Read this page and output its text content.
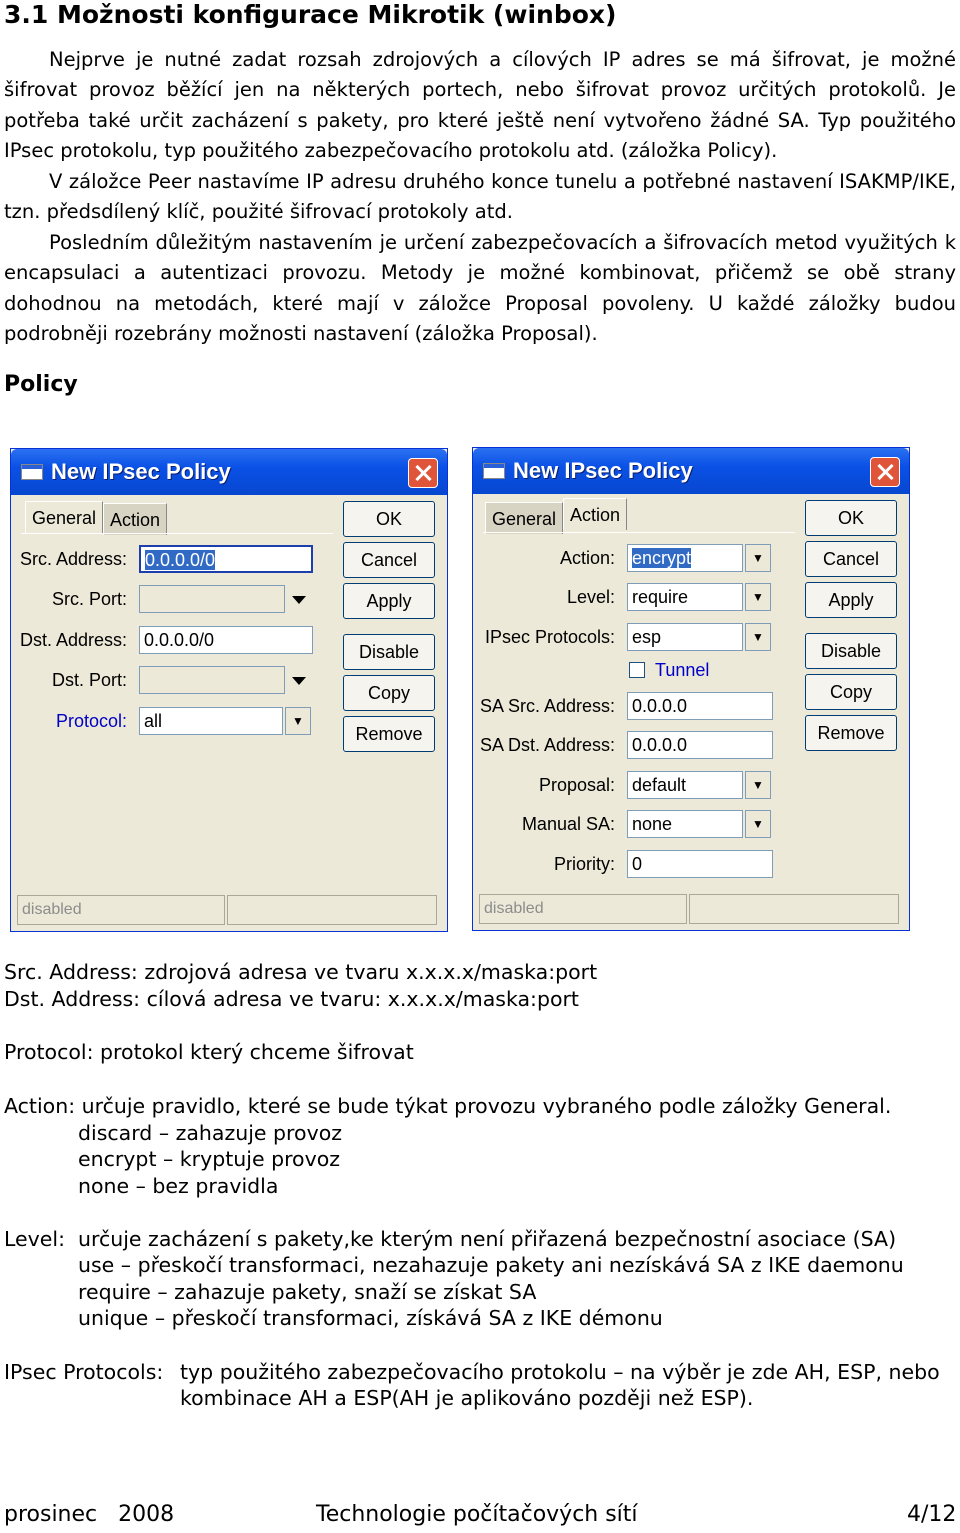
3.1 Možnosti konfigurace Mikrotik (winbox)
Nejprve je nutné zadat rozsah zdrojových a cílových IP adres se má šifrovat, je možné šifrovat provoz běžící jen na některých portech, nebo šifrovat provoz určitých protokolů. Je potřeba také určit zacházení s pakety, pro které ještě není vytvořeno žádné SA. Typ použitého IPsec protokolu, typ použitého zabezpečovacího protokolu atd. (záložka Policy).
V záložce Peer nastavíme IP adresu druhého konce tunelu a potřebné nastavení ISAKMP/IKE, tzn. předsdílený klíč, použité šifrovací protokoly atd.
Posledním důležitým nastavením je určení zabezpečovacích a šifrovacích metod využitých k encapsulaci a autentizaci provozu. Metody je možné kombinovat, přičemž se obě strany dohodnou na metodách, které mají v záložce Proposal povoleny. U každé záložky budou podrobněji rozebrány možnosti nastavení (záložka Proposal).
Policy
New IPsec Policy
General Action
Src. Address:	0.0.0.0/0
Src. Port:
Dst. Address: 0.0.0.0/0
Dst. Port:
Protocol: all	▼
OK
Cancel
Apply
Disable
Copy
Remove
disabled
New IPsec Policy
General Action
Action: encrypt	▼
Level: require	▼
IPsec Protocols: esp	▼
Tunnel
SA Src. Address: 0.0.0.0
SA Dst. Address: 0.0.0.0
Proposal: default	▼
Manual SA: none	▼
Priority: 0
OK
Cancel
Apply
Disable
Copy
Remove
disabled
Src. Address: zdrojová adresa ve tvaru x.x.x.x/maska:port
Dst. Address: cílová adresa ve tvaru: x.x.x.x/maska:port
Protocol: protokol který chceme šifrovat
Action: určuje pravidlo, které se bude týkat provozu vybraného podle záložky General.
discard – zahazuje provoz
encrypt – kryptuje provoz
none – bez pravidla
Level: určuje zacházení s pakety,ke kterým není přiřazená bezpečnostní asociace (SA)
use – přeskočí transformaci, nezahazuje pakety ani nezískává SA z IKE daemonu
require – zahazuje pakety, snaží se získat SA
unique – přeskočí transformaci, získává SA z IKE démonu
IPsec Protocols: typ použitého zabezpečovacího protokolu – na výběr je zde AH, ESP, nebo
kombinace AH a ESP(AH je aplikováno později než ESP).
prosinec   2008	Technologie počítačových sítí	4/12
